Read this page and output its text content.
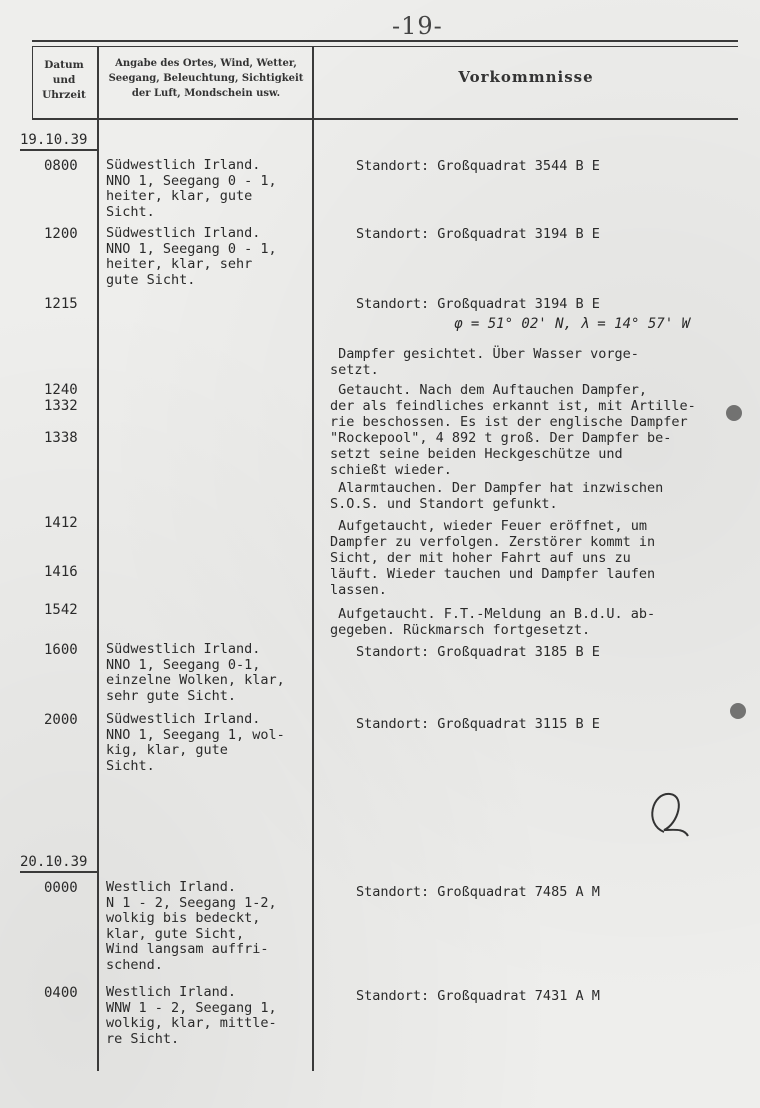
-19-
Datum und Uhrzeit
Angabe des Ortes, Wind, Wetter, Seegang, Beleuchtung, Sichtigkeit der Luft, Mondschein usw.
Vorkommnisse
19.10.39
0800
1200
1215
1240
1332
1338
1412
1416
1542
1600
2000
Südwestlich Irland.
NNO 1, Seegang 0 - 1,
heiter, klar, gute
Sicht.
Südwestlich Irland.
NNO 1, Seegang 0 - 1,
heiter, klar, sehr
gute Sicht.
Südwestlich Irland.
NNO 1, Seegang 0-1,
einzelne Wolken, klar,
sehr gute Sicht.
Südwestlich Irland.
NNO 1, Seegang 1, wol-
kig, klar, gute
Sicht.
Standort: Großquadrat 3544 B E
Standort: Großquadrat 3194 B E
Standort: Großquadrat 3194 B E
φ = 51° 02' N, λ = 14° 57' W
Dampfer gesichtet. Über Wasser vorge-
setzt.
Getaucht. Nach dem Auftauchen Dampfer,
der als feindliches erkannt ist, mit Artille-
rie beschossen. Es ist der englische Dampfer
"Rockepool", 4 892 t groß. Der Dampfer be-
setzt seine beiden Heckgeschütze und
schießt wieder.
Alarmtauchen. Der Dampfer hat inzwischen
S.O.S. und Standort gefunkt.
Aufgetaucht, wieder Feuer eröffnet, um
Dampfer zu verfolgen. Zerstörer kommt in
Sicht, der mit hoher Fahrt auf uns zu
läuft. Wieder tauchen und Dampfer laufen
lassen.
Aufgetaucht. F.T.-Meldung an B.d.U. ab-
gegeben. Rückmarsch fortgesetzt.
Standort: Großquadrat 3185 B E
Standort: Großquadrat 3115 B E
20.10.39
0000 Westlich Irland.
N 1 - 2, Seegang 1-2,
wolkig bis bedeckt,
klar, gute Sicht,
Wind langsam auffri-
schend.
Standort: Großquadrat 7485 A M
0400 Westlich Irland.
WNW 1 - 2, Seegang 1,
wolkig, klar, mittle-
re Sicht.
Standort: Großquadrat 7431 A M
